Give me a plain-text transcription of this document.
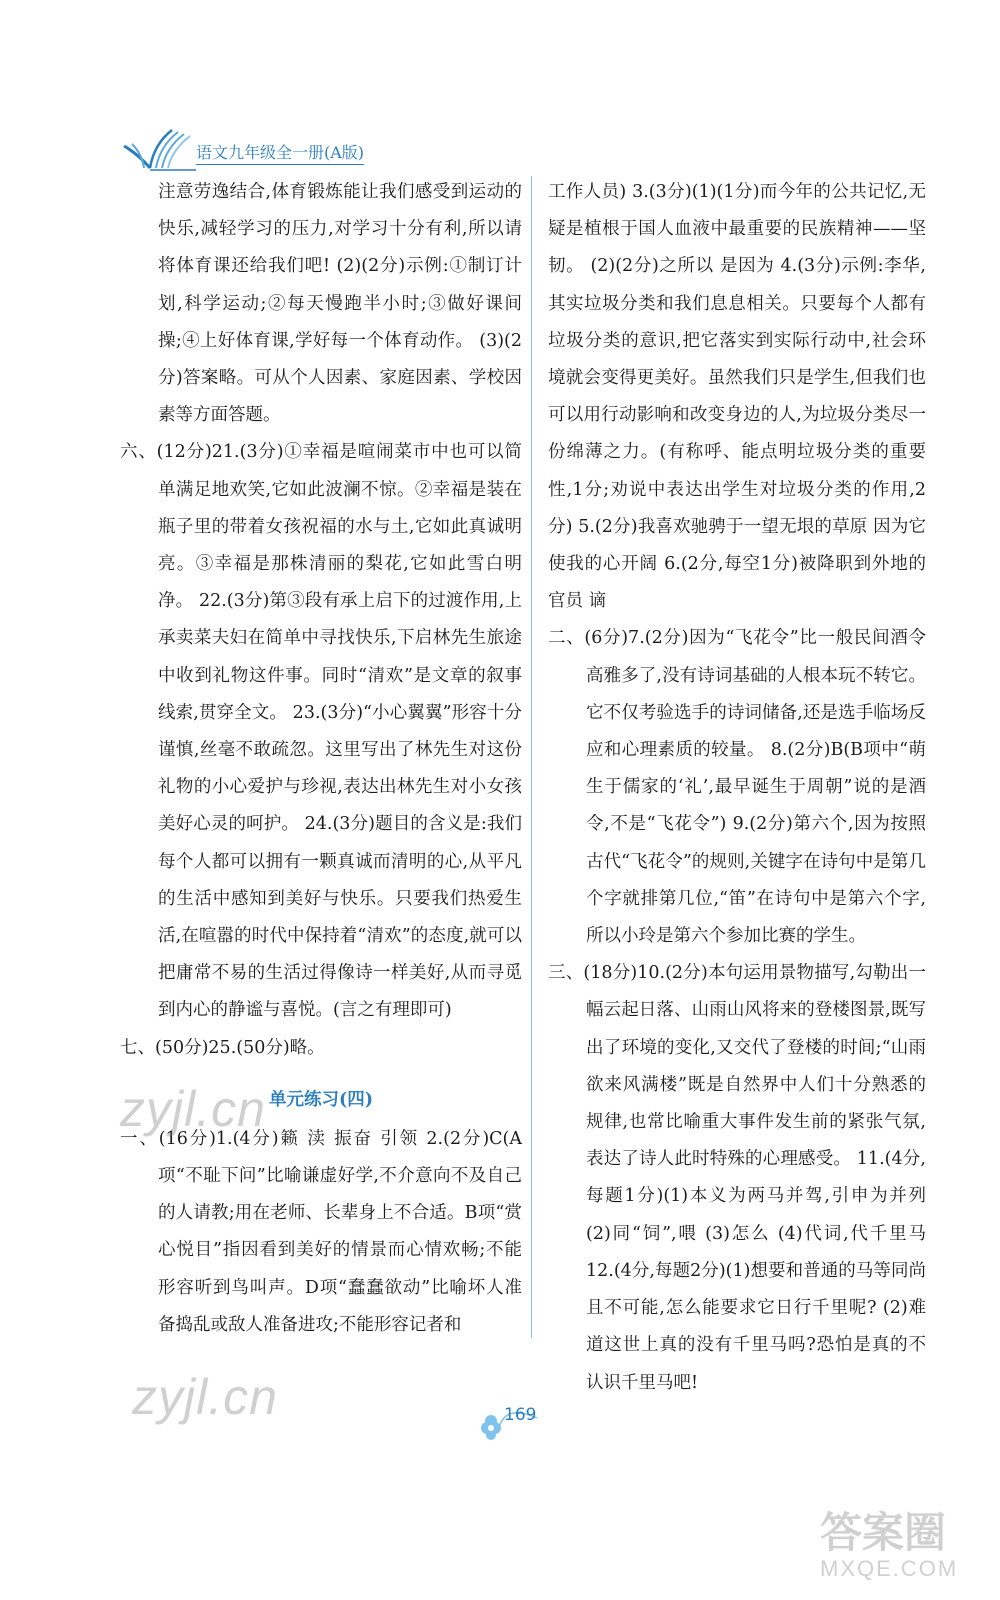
语文九年级全一册(A版)

注意劳逸结合,体育锻炼能让我们感受到运动的快乐,减轻学习的压力,对学习十分有利,所以请将体育课还给我们吧! (2)(2分)示例:①制订计划,科学运动;②每天慢跑半小时;③做好课间操;④上好体育课,学好每一个体育动作。 (3)(2分)答案略。可从个人因素、家庭因素、学校因素等方面答题。

六、(12分)21.(3分)①幸福是喧闹菜市中也可以简单满足地欢笑,它如此波澜不惊。②幸福是装在瓶子里的带着女孩祝福的水与土,它如此真诚明亮。③幸福是那株清丽的梨花,它如此雪白明净。 22.(3分)第③段有承上启下的过渡作用,上承卖菜夫妇在简单中寻找快乐,下启林先生旅途中收到礼物这件事。同时“清欢”是文章的叙事线索,贯穿全文。 23.(3分)“小心翼翼”形容十分谨慎,丝毫不敢疏忽。这里写出了林先生对这份礼物的小心爱护与珍视,表达出林先生对小女孩美好心灵的呵护。 24.(3分)题目的含义是:我们每个人都可以拥有一颗真诚而清明的心,从平凡的生活中感知到美好与快乐。只要我们热爱生活,在喧嚣的时代中保持着“清欢”的态度,就可以把庸常不易的生活过得像诗一样美好,从而寻觅到内心的静谧与喜悦。(言之有理即可)

七、(50分)25.(50分)略。

单元练习(四)

一、(16分)1.(4分)籁 渎 振奋 引领 2.(2分)C(A项“不耻下问”比喻谦虚好学,不介意向不及自己的人请教;用在老师、长辈身上不合适。B项“赏心悦目”指因看到美好的情景而心情欢畅;不能形容听到鸟叫声。D项“蠢蠢欲动”比喻坏人准备捣乱或敌人准备进攻;不能形容记者和

工作人员) 3.(3分)(1)(1分)而今年的公共记忆,无疑是植根于国人血液中最重要的民族精神——坚韧。 (2)(2分)之所以 是因为 4.(3分)示例:李华,其实垃圾分类和我们息息相关。只要每个人都有垃圾分类的意识,把它落实到实际行动中,社会环境就会变得更美好。虽然我们只是学生,但我们也可以用行动影响和改变身边的人,为垃圾分类尽一份绵薄之力。(有称呼、能点明垃圾分类的重要性,1分;劝说中表达出学生对垃圾分类的作用,2分) 5.(2分)我喜欢驰骋于一望无垠的草原 因为它使我的心开阔 6.(2分,每空1分)被降职到外地的官员 谪

二、(6分)7.(2分)因为“飞花令”比一般民间酒令高雅多了,没有诗词基础的人根本玩不转它。它不仅考验选手的诗词储备,还是选手临场反应和心理素质的较量。 8.(2分)B(B项中“萌生于儒家的‘礼’,最早诞生于周朝”说的是酒令,不是“飞花令”) 9.(2分)第六个,因为按照古代“飞花令”的规则,关键字在诗句中是第几个字就排第几位,“笛”在诗句中是第六个字,所以小玲是第六个参加比赛的学生。

三、(18分)10.(2分)本句运用景物描写,勾勒出一幅云起日落、山雨山风将来的登楼图景,既写出了环境的变化,又交代了登楼的时间;“山雨欲来风满楼”既是自然界中人们十分熟悉的规律,也常比喻重大事件发生前的紧张气氛,表达了诗人此时特殊的心理感受。 11.(4分,每题1分)(1)本义为两马并驾,引申为并列 (2)同“饲”,喂 (3)怎么 (4)代词,代千里马 12.(4分,每题2分)(1)想要和普通的马等同尚且不可能,怎么能要求它日行千里呢? (2)难道这世上真的没有千里马吗?恐怕是真的不认识千里马吧!

169
zyjl.cn
zyjl.cn
答案圈
MXQE.COM
